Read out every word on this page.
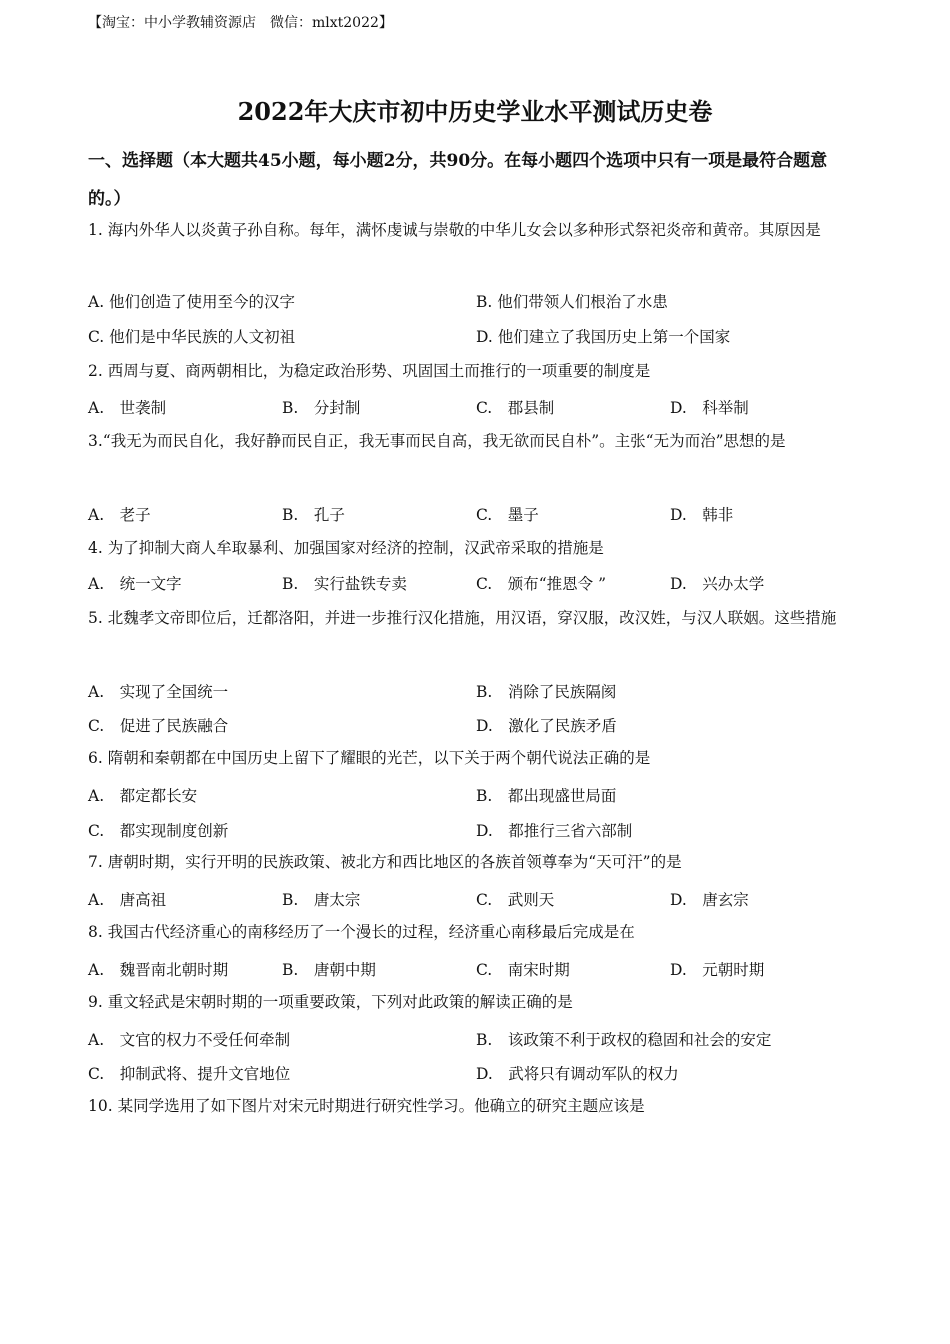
【淘宝：中小学教辅资源店　微信：mlxt2022】
2022年大庆市初中历史学业水平测试历史卷
一、选择题（本大题共45小题，每小题2分，共90分。在每小题四个选项中只有一项是最符合题意的。）
1. 海内外华人以炎黄子孙自称。每年，满怀虔诚与崇敬的中华儿女会以多种形式祭祀炎帝和黄帝。其原因是
A. 他们创造了使用至今的汉字	B. 他们带领人们根治了水患
C. 他们是中华民族的人文初祖	D. 他们建立了我国历史上第一个国家
2. 西周与夏、商两朝相比，为稳定政治形势、巩固国土而推行的一项重要的制度是
A.　世袭制	B.　分封制	C.　郡县制	D.　科举制
3.“我无为而民自化，我好静而民自正，我无事而民自高，我无欲而民自朴”。主张“无为而治”思想的是
A.　老子	B.　孔子	C.　墨子	D.　韩非
4. 为了抑制大商人牟取暴利、加强国家对经济的控制，汉武帝采取的措施是
A.　统一文字	B.　实行盐铁专卖	C.　颁布“推恩令 ”	D.　兴办太学
5. 北魏孝文帝即位后，迁都洛阳，并进一步推行汉化措施，用汉语，穿汉服，改汉姓，与汉人联姻。这些措施
A.　实现了全国统一	B.　消除了民族隔阂
C.　促进了民族融合	D.　激化了民族矛盾
6. 隋朝和秦朝都在中国历史上留下了耀眼的光芒，以下关于两个朝代说法正确的是
A.　都定都长安	B.　都出现盛世局面
C.　都实现制度创新	D.　都推行三省六部制
7. 唐朝时期，实行开明的民族政策、被北方和西比地区的各族首领尊奉为“天可汗”的是
A.　唐高祖	B.　唐太宗	C.　武则天	D.　唐玄宗
8. 我国古代经济重心的南移经历了一个漫长的过程，经济重心南移最后完成是在
A.　魏晋南北朝时期	B.　唐朝中期	C.　南宋时期	D.　元朝时期
9. 重文轻武是宋朝时期的一项重要政策，下列对此政策的解读正确的是
A.　文官的权力不受任何牵制	B.　该政策不利于政权的稳固和社会的安定
C.　抑制武将、提升文官地位	D.　武将只有调动军队的权力
10. 某同学选用了如下图片对宋元时期进行研究性学习。他确立的研究主题应该是
